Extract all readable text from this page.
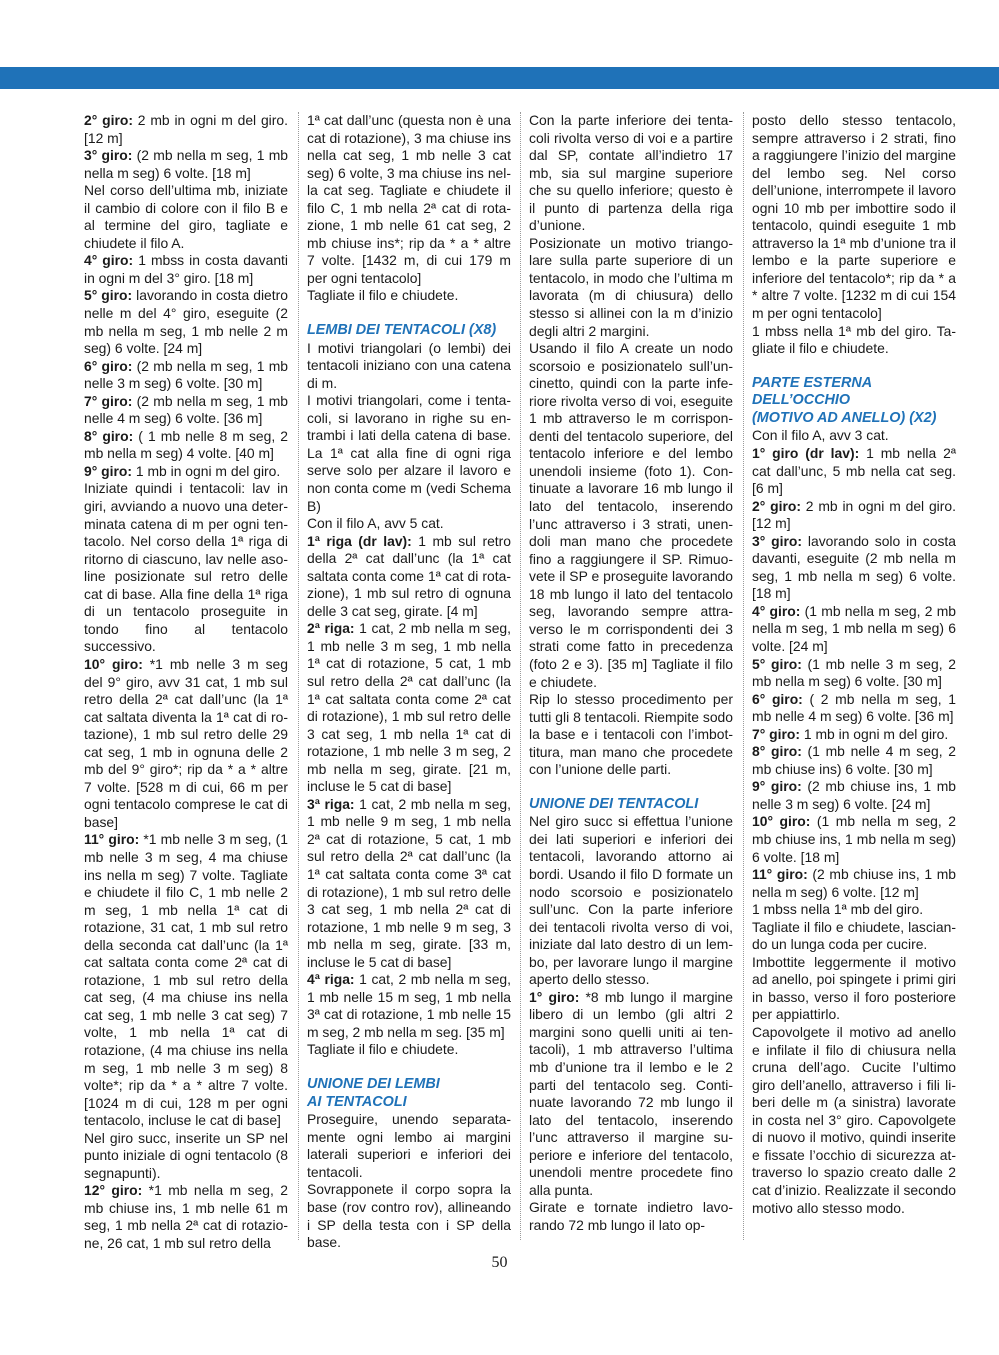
2° giro: 2 mb in ogni m del giro. [12 m]

3° giro: (2 mb nella m seg, 1 mb nella m seg) 6 volte. [18 m]

Nel corso dell’ultima mb, iniziate il cambio di colore con il filo B e al termine del giro, tagliate e chiudete il filo A.

4° giro: 1 mbss in costa davanti in ogni m del 3° giro. [18 m]

5° giro: lavorando in costa dietro nelle m del 4° giro, eseguite (2 mb nella m seg, 1 mb nelle 2 m seg) 6 volte. [24 m]

6° giro: (2 mb nella m seg, 1 mb nelle 3 m seg) 6 volte. [30 m]

7° giro: (2 mb nella m seg, 1 mb nelle 4 m seg) 6 volte. [36 m]

8° giro: ( 1 mb nelle 8 m seg, 2 mb nella m seg) 4 volte. [40 m]

9° giro: 1 mb in ogni m del giro.

Iniziate quindi i tentacoli: lav in giri, avviando a nuovo una determinata catena di m per ogni tentacolo. Nel corso della 1ª riga di ritorno di ciascuno, lav nelle asoline posizionate sul retro delle cat di base. Alla fine della 1ª riga di un tentacolo proseguite in tondo fino al tentacolo successivo.

10° giro: *1 mb nelle 3 m seg del 9° giro, avv 31 cat, 1 mb sul retro della 2ª cat dall’unc (la 1ª cat saltata diventa la 1ª cat di rotazione), 1 mb sul retro delle 29 cat seg, 1 mb in ognuna delle 2 mb del 9° giro*; rip da * a * altre 7 volte. [528 m di cui, 66 m per ogni tentacolo comprese le cat di base]

11° giro: *1 mb nelle 3 m seg, (1 mb nelle 3 m seg, 4 ma chiuse ins nella m seg) 7 volte. Tagliate e chiudete il filo C, 1 mb nelle 2 m seg, 1 mb nella 1ª cat di rotazione, 31 cat, 1 mb sul retro della seconda cat dall’unc (la 1ª cat saltata conta come 2ª cat di rotazione, 1 mb sul retro della cat seg, (4 ma chiuse ins nella cat seg, 1 mb nelle 3 cat seg) 7 volte, 1 mb nella 1ª cat di rotazione, (4 ma chiuse ins nella m seg, 1 mb nelle 3 m seg) 8 volte*; rip da * a * altre 7 volte. [1024 m di cui, 128 m per ogni tentacolo, incluse le cat di base]

Nel giro succ, inserite un SP nel punto iniziale di ogni tentacolo (8 segnapunti).

12° giro: *1 mb nella m seg, 2 mb chiuse ins, 1 mb nelle 61 m seg, 1 mb nella 2ª cat di rotazione, 26 cat, 1 mb sul retro della

1ª cat dall’unc (questa non è una cat di rotazione), 3 ma chiuse ins nella cat seg, 1 mb nelle 3 cat seg) 6 volte, 3 ma chiuse ins nella cat seg. Tagliate e chiudete il filo C, 1 mb nella 2ª cat di rotazione, 1 mb nelle 61 cat seg, 2 mb chiuse ins*; rip da * a * altre 7 volte. [1432 m, di cui 179 m per ogni tentacolo]

Tagliate il filo e chiudete.

LEMBI DEI TENTACOLI (X8)

I motivi triangolari (o lembi) dei tentacoli iniziano con una catena di m.

I motivi triangolari, come i tentacoli, si lavorano in righe su entrambi i lati della catena di base. La 1ª cat alla fine di ogni riga serve solo per alzare il lavoro e non conta come m (vedi Schema B)

Con il filo A, avv 5 cat.

1ª riga (dr lav): 1 mb sul retro della 2ª cat dall’unc (la 1ª cat saltata conta come 1ª cat di rotazione), 1 mb sul retro di ognuna delle 3 cat seg, girate. [4 m]

2ª riga: 1 cat, 2 mb nella m seg, 1 mb nelle 3 m seg, 1 mb nella 1ª cat di rotazione, 5 cat, 1 mb sul retro della 2ª cat dall’unc (la 1ª cat saltata conta come 2ª cat di rotazione), 1 mb sul retro delle 3 cat seg, 1 mb nella 1ª cat di rotazione, 1 mb nelle 3 m seg, 2 mb nella m seg, girate. [21 m, incluse le 5 cat di base]

3ª riga: 1 cat, 2 mb nella m seg, 1 mb nelle 9 m seg, 1 mb nella 2ª cat di rotazione, 5 cat, 1 mb sul retro della 2ª cat dall’unc (la 1ª cat saltata conta come 3ª cat di rotazione), 1 mb sul retro delle 3 cat seg, 1 mb nella 2ª cat di rotazione, 1 mb nelle 9 m seg, 3 mb nella m seg, girate. [33 m, incluse le 5 cat di base]

4ª riga: 1 cat, 2 mb nella m seg, 1 mb nelle 15 m seg, 1 mb nella 3ª cat di rotazione, 1 mb nelle 15 m seg, 2 mb nella m seg. [35 m]

Tagliate il filo e chiudete.

UNIONE DEI LEMBI
AI TENTACOLI

Proseguire, unendo separatamente ogni lembo ai margini laterali superiori e inferiori dei tentacoli.

Sovrapponete il corpo sopra la base (rov contro rov), allineando i SP della testa con i SP della base.

Con la parte inferiore dei tentacoli rivolta verso di voi e a partire dal SP, contate all’indietro 17 mb, sia sul margine superiore che su quello inferiore; questo è il punto di partenza della riga d’unione.

Posizionate un motivo triangolare sulla parte superiore di un tentacolo, in modo che l’ultima m lavorata (m di chiusura) dello stesso si allinei con la m d’inizio degli altri 2 margini.

Usando il filo A create un nodo scorsoio e posizionatelo sull’uncinetto, quindi con la parte inferiore rivolta verso di voi, eseguite 1 mb attraverso le m corrispondenti del tentacolo superiore, del tentacolo inferiore e del lembo unendoli insieme (foto 1). Continuate a lavorare 16 mb lungo il lato del tentacolo, inserendo l’unc attraverso i 3 strati, unendoli man mano che procedete fino a raggiungere il SP. Rimuovete il SP e proseguite lavorando 18 mb lungo il lato del tentacolo seg, lavorando sempre attraverso le m corrispondenti dei 3 strati come fatto in precedenza (foto 2 e 3). [35 m] Tagliate il filo e chiudete.

Rip lo stesso procedimento per tutti gli 8 tentacoli. Riempite sodo la base e i tentacoli con l’imbottitura, man mano che procedete con l’unione delle parti.

UNIONE DEI TENTACOLI

Nel giro succ si effettua l’unione dei lati superiori e inferiori dei tentacoli, lavorando attorno ai bordi. Usando il filo D formate un nodo scorsoio e posizionatelo sull’unc. Con la parte inferiore dei tentacoli rivolta verso di voi, iniziate dal lato destro di un lembo, per lavorare lungo il margine aperto dello stesso.

1° giro: *8 mb lungo il margine libero di un lembo (gli altri 2 margini sono quelli uniti ai tentacoli), 1 mb attraverso l’ultima mb d’unione tra il lembo e le 2 parti del tentacolo seg. Continuate lavorando 72 mb lungo il lato del tentacolo, inserendo l’unc attraverso il margine superiore e inferiore del tentacolo, unendoli mentre procedete fino alla punta.

Girate e tornate indietro lavorando 72 mb lungo il lato op-

posto dello stesso tentacolo, sempre attraverso i 2 strati, fino a raggiungere l’inizio del margine del lembo seg. Nel corso dell’unione, interrompete il lavoro ogni 10 mb per imbottire sodo il tentacolo, quindi eseguite 1 mb attraverso la 1ª mb d’unione tra il lembo e la parte superiore e inferiore del tentacolo*; rip da * a * altre 7 volte. [1232 m di cui 154 m per ogni tentacolo]

1 mbss nella 1ª mb del giro. Tagliate il filo e chiudete.

PARTE ESTERNA
DELL’OCCHIO
(MOTIVO AD ANELLO) (X2)

Con il filo A, avv 3 cat.

1° giro (dr lav): 1 mb nella 2ª cat dall’unc, 5 mb nella cat seg. [6 m]

2° giro: 2 mb in ogni m del giro. [12 m]

3° giro: lavorando solo in costa davanti, eseguite (2 mb nella m seg, 1 mb nella m seg) 6 volte. [18 m]

4° giro: (1 mb nella m seg, 2 mb nella m seg, 1 mb nella m seg) 6 volte. [24 m]

5° giro: (1 mb nelle 3 m seg, 2 mb nella m seg) 6 volte. [30 m]

6° giro: ( 2 mb nella m seg, 1 mb nelle 4 m seg) 6 volte. [36 m]

7° giro: 1 mb in ogni m del giro.

8° giro: (1 mb nelle 4 m seg, 2 mb chiuse ins) 6 volte. [30 m]

9° giro: (2 mb chiuse ins, 1 mb nelle 3 m seg) 6 volte. [24 m]

10° giro: (1 mb nella m seg, 2 mb chiuse ins, 1 mb nella m seg) 6 volte. [18 m]

11° giro: (2 mb chiuse ins, 1 mb nella m seg) 6 volte. [12 m]

1 mbss nella 1ª mb del giro.

Tagliate il filo e chiudete, lasciando un lunga coda per cucire.

Imbottite leggermente il motivo ad anello, poi spingete i primi giri in basso, verso il foro posteriore per appiattirlo.

Capovolgete il motivo ad anello e infilate il filo di chiusura nella cruna dell’ago. Cucite l’ultimo giro dell’anello, attraverso i fili liberi delle m (a sinistra) lavorate in costa nel 3° giro. Capovolgete di nuovo il motivo, quindi inserite e fissate l’occhio di sicurezza attraverso lo spazio creato dalle 2 cat d’inizio. Realizzate il secondo motivo allo stesso modo.

50
